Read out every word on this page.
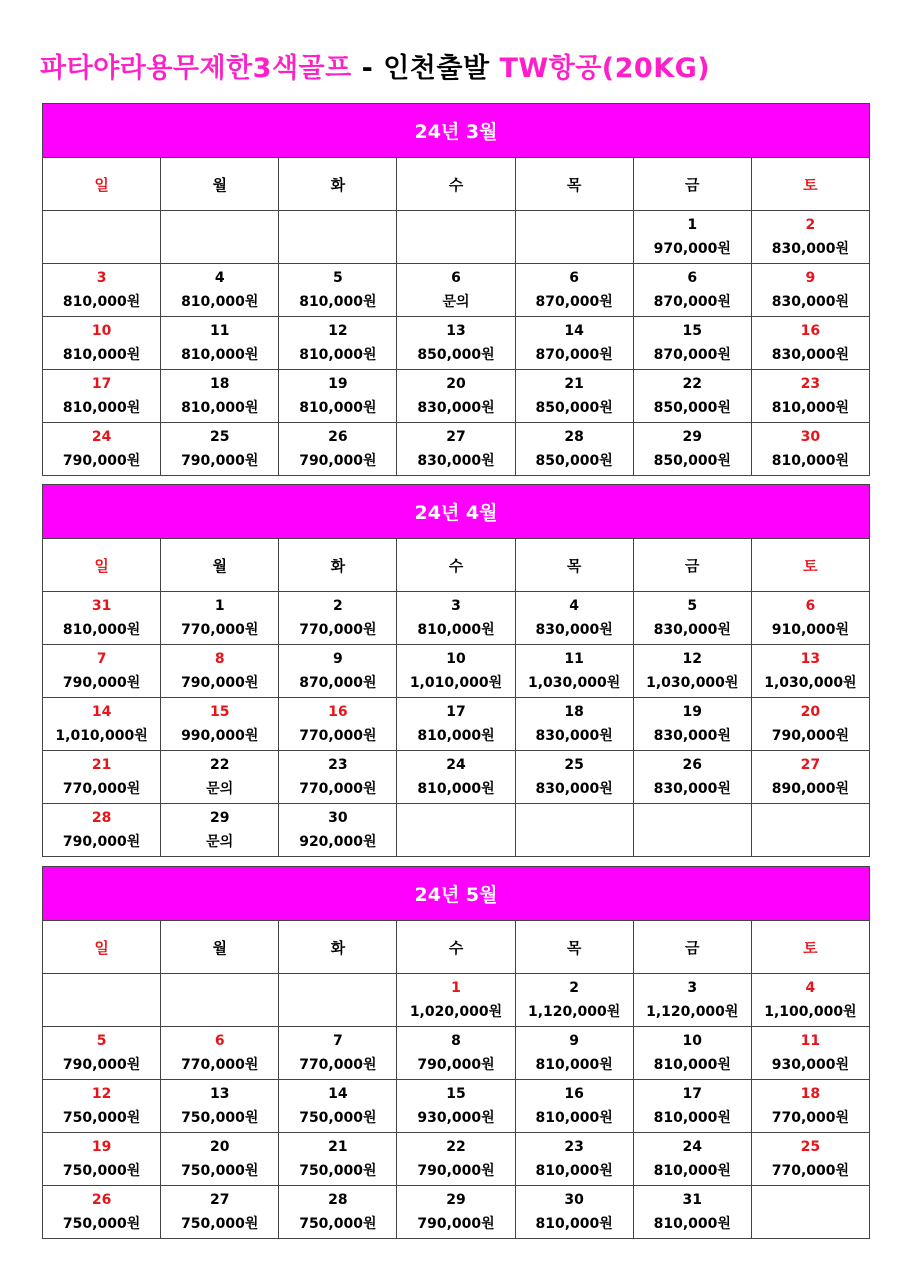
파타야라용무제한3색골프 - 인천출발 TW항공(20KG)
24년 3월						
일	월	화	수	목	금	토

					1
970,000원	2
830,000원

3
810,000원	4
810,000원	5
810,000원	6
문의	6
870,000원	6
870,000원	9
830,000원

10
810,000원	11
810,000원	12
810,000원	13
850,000원	14
870,000원	15
870,000원	16
830,000원

17
810,000원	18
810,000원	19
810,000원	20
830,000원	21
850,000원	22
850,000원	23
810,000원

24
790,000원	25
790,000원	26
790,000원	27
830,000원	28
850,000원	29
850,000원	30
810,000원
24년 4월						
일	월	화	수	목	금	토

31
810,000원	1
770,000원	2
770,000원	3
810,000원	4
830,000원	5
830,000원	6
910,000원

7
790,000원	8
790,000원	9
870,000원	10
1,010,000원	11
1,030,000원	12
1,030,000원	13
1,030,000원

14
1,010,000원	15
990,000원	16
770,000원	17
810,000원	18
830,000원	19
830,000원	20
790,000원

21
770,000원	22
문의	23
770,000원	24
810,000원	25
830,000원	26
830,000원	27
890,000원

28
790,000원	29
문의	30
920,000원				

24년 5월						
일	월	화	수	목	금	토

			1
1,020,000원	2
1,120,000원	3
1,120,000원	4
1,100,000원

5
790,000원	6
770,000원	7
770,000원	8
790,000원	9
810,000원	10
810,000원	11
930,000원

12
750,000원	13
750,000원	14
750,000원	15
930,000원	16
810,000원	17
810,000원	18
770,000원

19
750,000원	20
750,000원	21
750,000원	22
790,000원	23
810,000원	24
810,000원	25
770,000원

26
750,000원	27
750,000원	28
750,000원	29
790,000원	30
810,000원	31
810,000원	
